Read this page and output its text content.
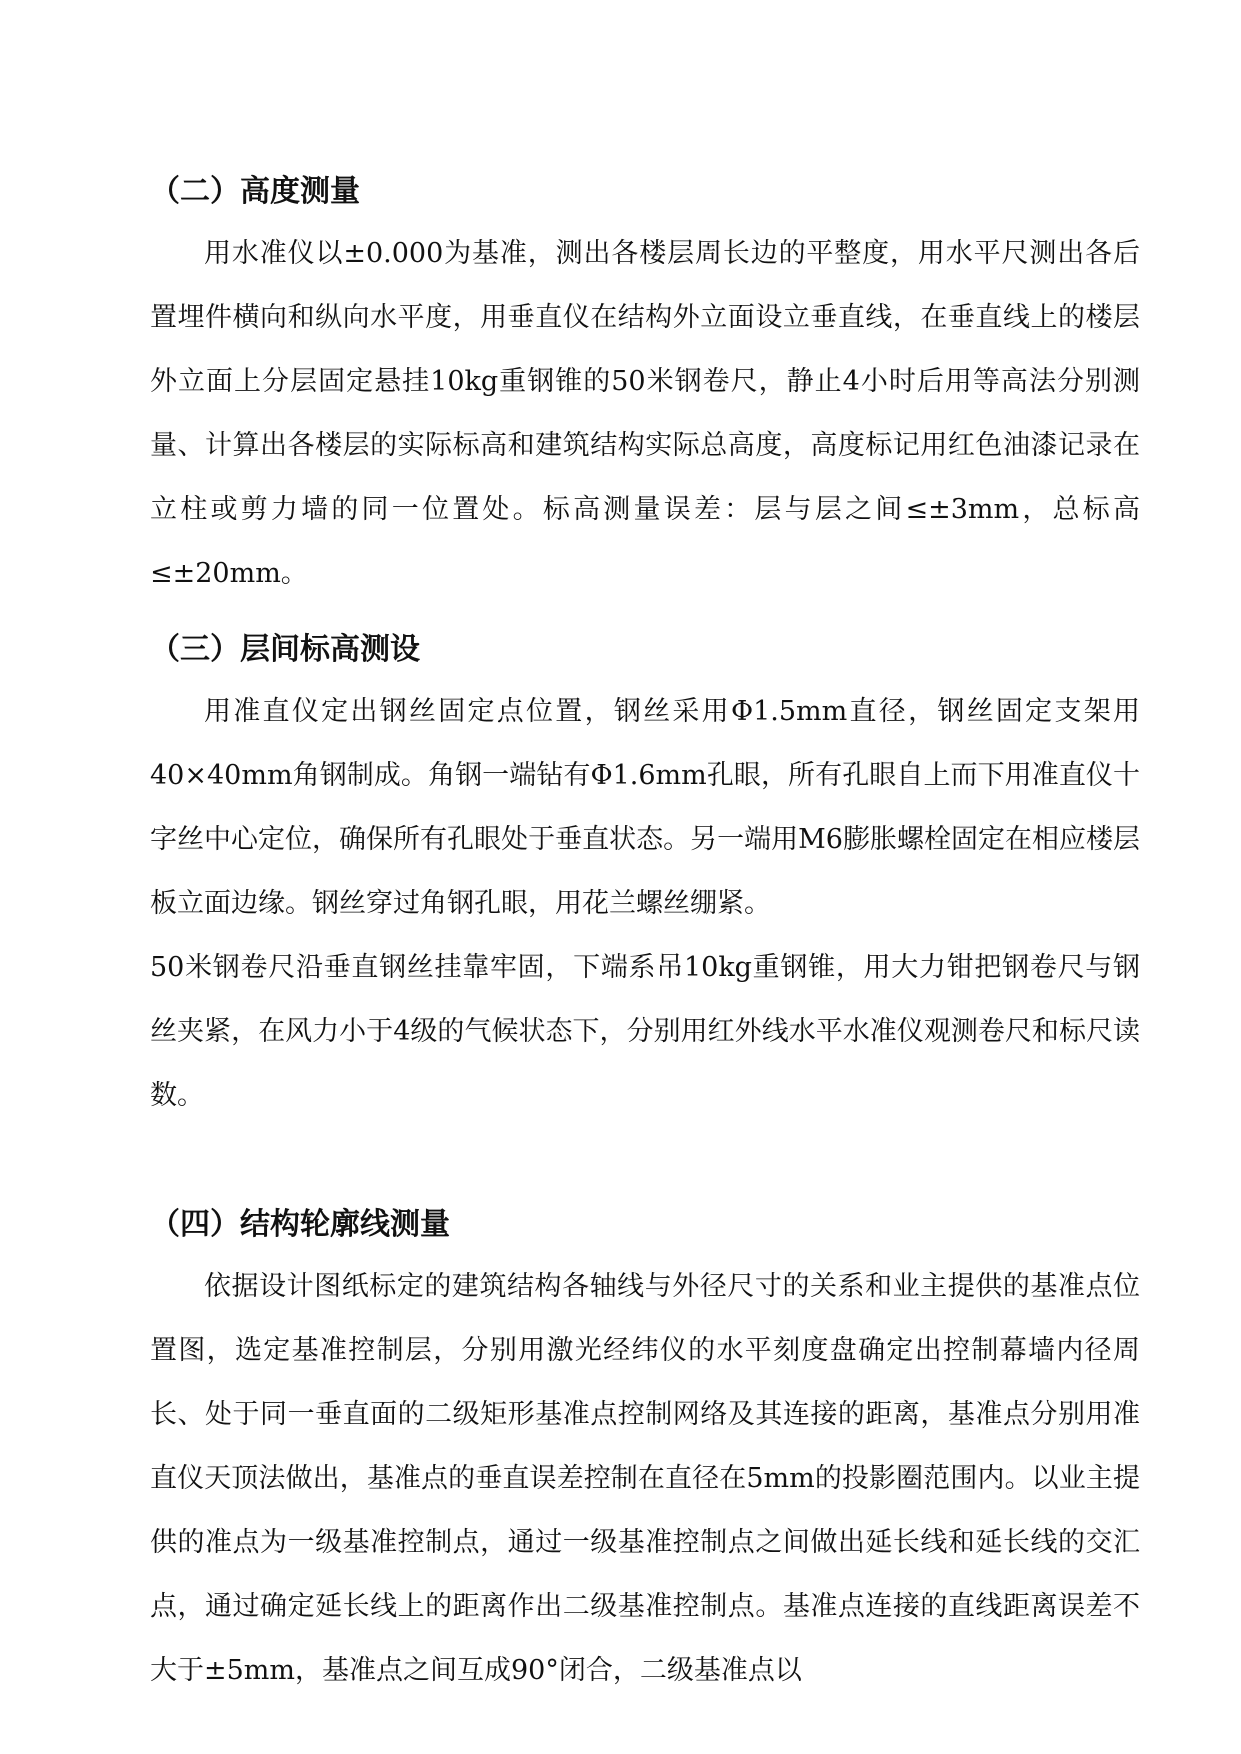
（二）高度测量

用水准仪以±0.000为基准，测出各楼层周长边的平整度，用水平尺测出各后置埋件横向和纵向水平度，用垂直仪在结构外立面设立垂直线，在垂直线上的楼层外立面上分层固定悬挂10kg重钢锥的50米钢卷尺，静止4小时后用等高法分别测量、计算出各楼层的实际标高和建筑结构实际总高度，高度标记用红色油漆记录在立柱或剪力墙的同一位置处。标高测量误差：层与层之间≤±3mm，总标高≤±20mm。

（三）层间标高测设

用准直仪定出钢丝固定点位置，钢丝采用Φ1.5mm直径，钢丝固定支架用40×40mm角钢制成。角钢一端钻有Φ1.6mm孔眼，所有孔眼自上而下用准直仪十字丝中心定位，确保所有孔眼处于垂直状态。另一端用M6膨胀螺栓固定在相应楼层板立面边缘。钢丝穿过角钢孔眼，用花兰螺丝绷紧。

50米钢卷尺沿垂直钢丝挂靠牢固，下端系吊10kg重钢锥，用大力钳把钢卷尺与钢丝夹紧，在风力小于4级的气候状态下，分别用红外线水平水准仪观测卷尺和标尺读数。

（四）结构轮廓线测量

依据设计图纸标定的建筑结构各轴线与外径尺寸的关系和业主提供的基准点位置图，选定基准控制层，分别用激光经纬仪的水平刻度盘确定出控制幕墙内径周长、处于同一垂直面的二级矩形基准点控制网络及其连接的距离，基准点分别用准直仪天顶法做出，基准点的垂直误差控制在直径在5mm的投影圈范围内。以业主提供的准点为一级基准控制点，通过一级基准控制点之间做出延长线和延长线的交汇点，通过确定延长线上的距离作出二级基准控制点。基准点连接的直线距离误差不大于±5mm，基准点之间互成90°闭合，二级基准点以
